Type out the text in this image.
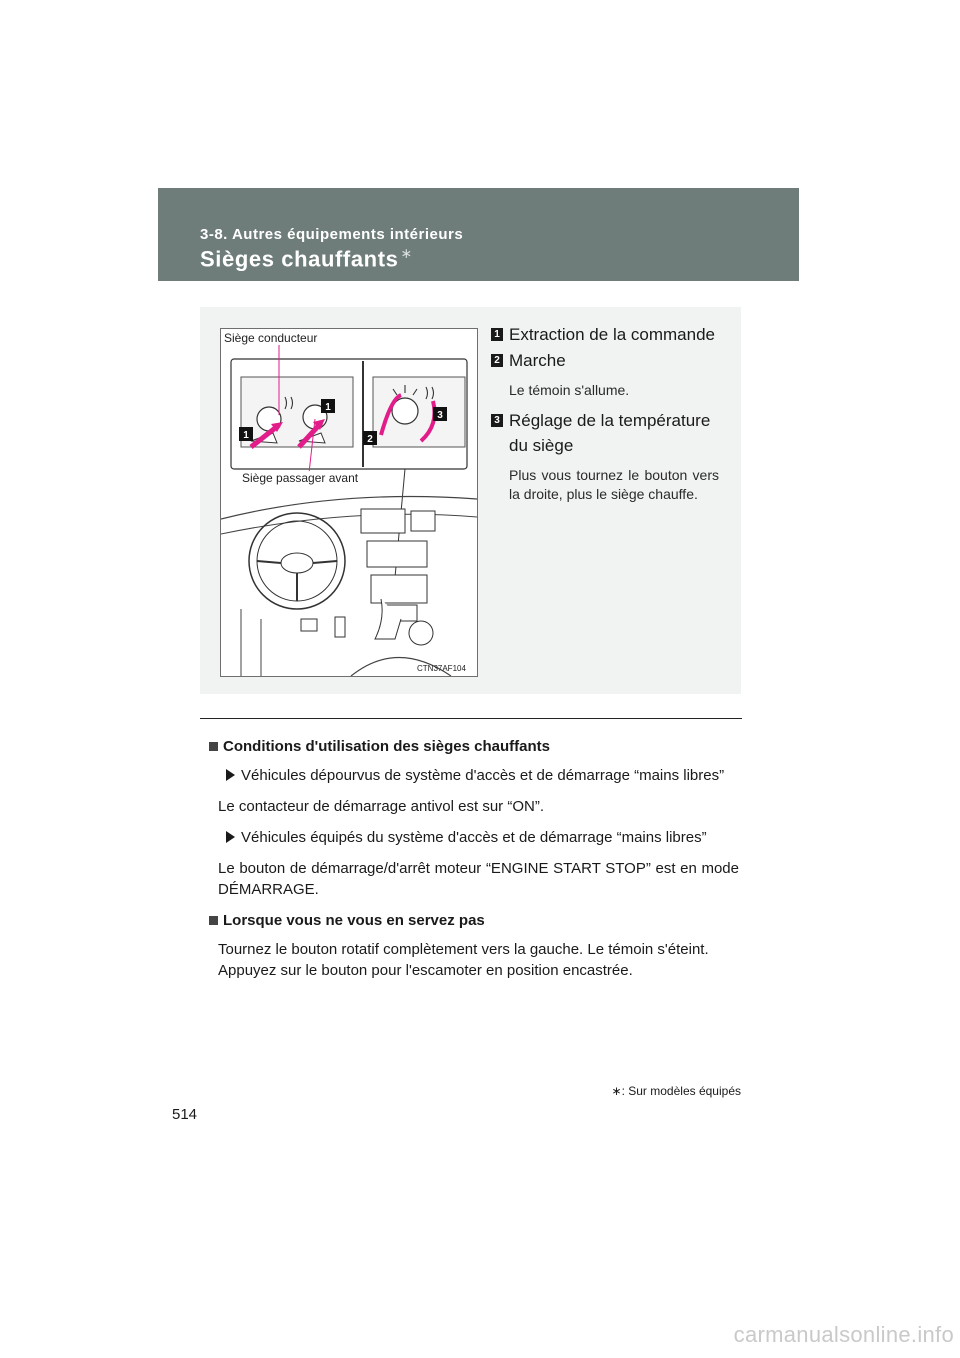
3-8. Autres équipements intérieurs
Sièges chauffants ∗
1
1
2
3
CTN37AF104
Siège conducteur
Siège passager avant
1 Extraction de la commande
2 Marche
Le témoin s'allume.
3 Réglage de la température du siège
Plus vous tournez le bouton vers la droite, plus le siège chauffe.
Conditions d'utilisation des sièges chauffants
Véhicules dépourvus de système d'accès et de démarrage “mains libres”
Le contacteur de démarrage antivol est sur “ON”.
Véhicules équipés du système d'accès et de démarrage “mains libres”
Le bouton de démarrage/d'arrêt moteur “ENGINE START STOP” est en mode DÉMARRAGE.
Lorsque vous ne vous en servez pas
Tournez le bouton rotatif complètement vers la gauche. Le témoin s'éteint.
Appuyez sur le bouton pour l'escamoter en position encastrée.
∗: Sur modèles équipés
514
carmanualsonline.info
